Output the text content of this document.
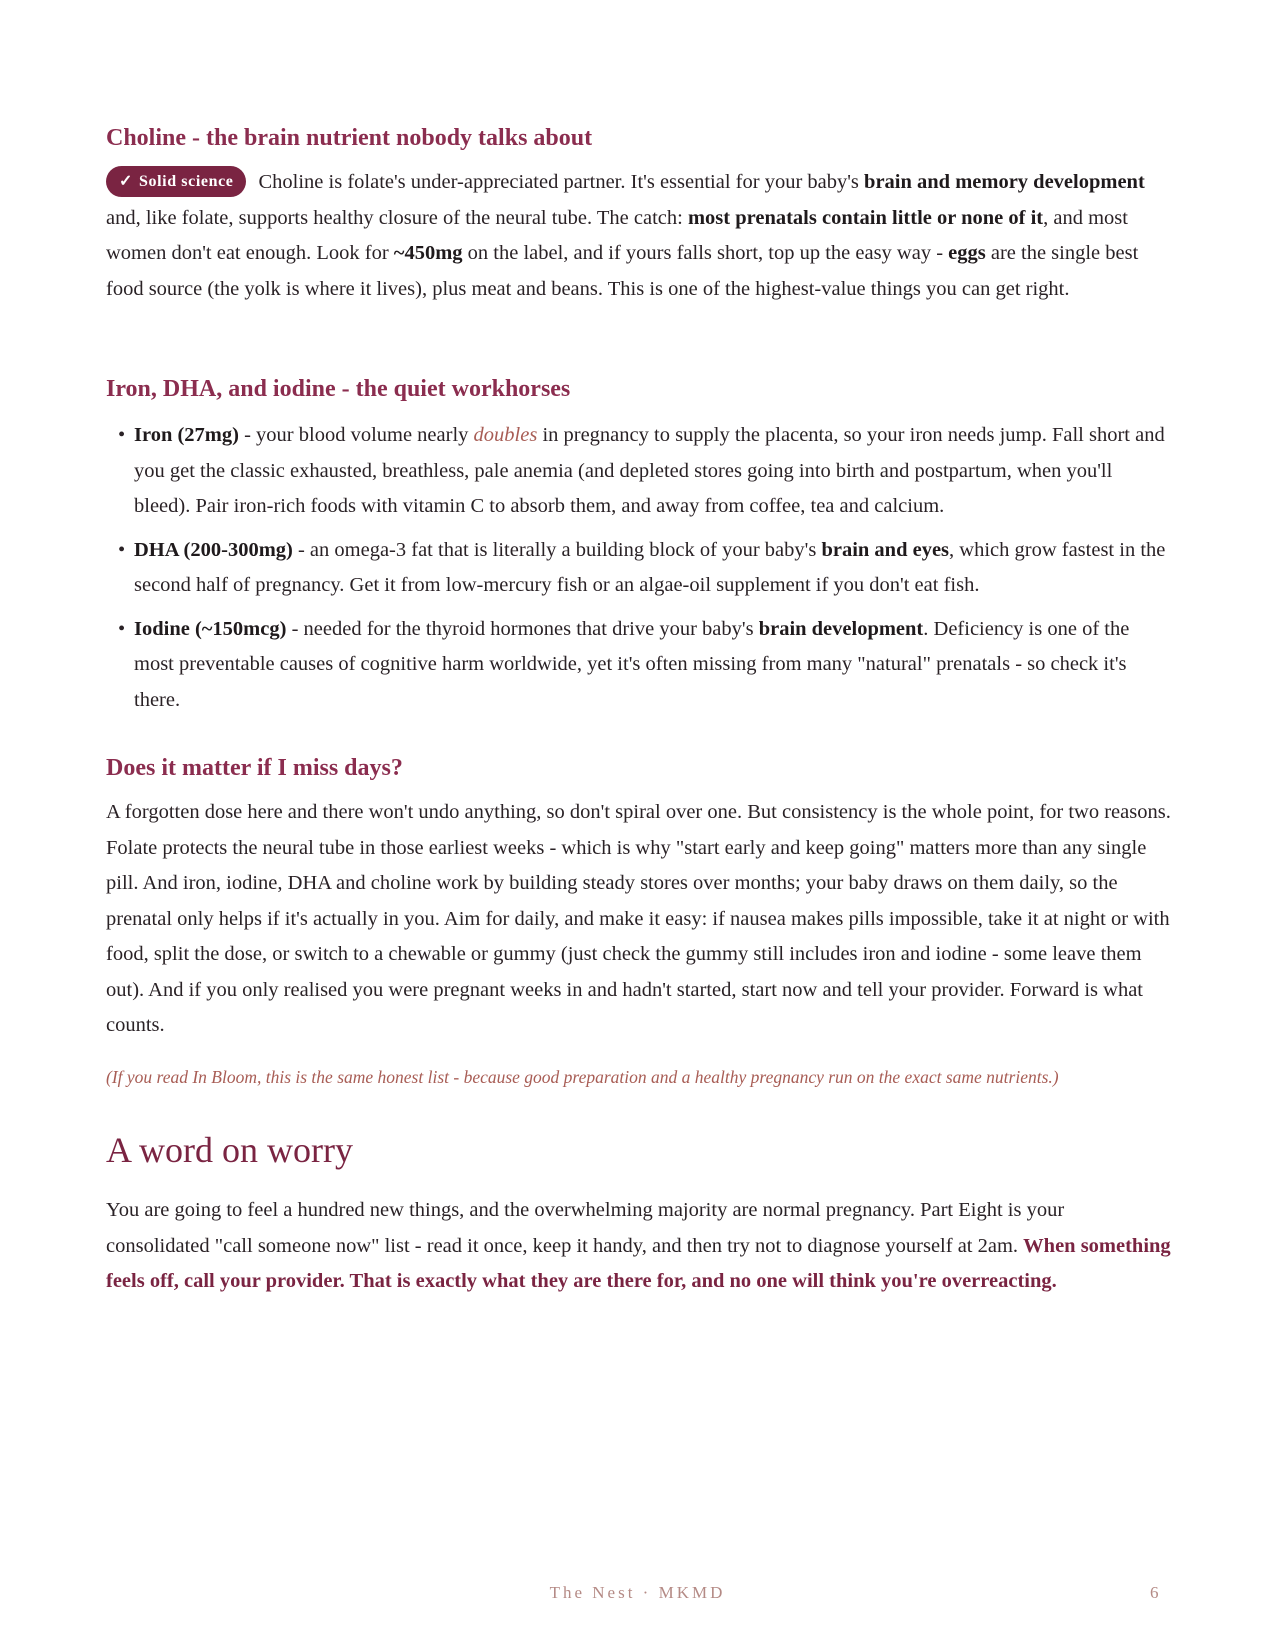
Choline - the brain nutrient nobody talks about

✓ Solid science Choline is folate's under-appreciated partner. It's essential for your baby's brain and memory development and, like folate, supports healthy closure of the neural tube. The catch: most prenatals contain little or none of it, and most women don't eat enough. Look for ~450mg on the label, and if yours falls short, top up the easy way - eggs are the single best food source (the yolk is where it lives), plus meat and beans. This is one of the highest-value things you can get right.

Iron, DHA, and iodine - the quiet workhorses
• Iron (27mg) - your blood volume nearly doubles in pregnancy to supply the placenta, so your iron needs jump. Fall short and you get the classic exhausted, breathless, pale anemia (and depleted stores going into birth and postpartum, when you'll bleed). Pair iron-rich foods with vitamin C to absorb them, and away from coffee, tea and calcium.
• DHA (200-300mg) - an omega-3 fat that is literally a building block of your baby's brain and eyes, which grow fastest in the second half of pregnancy. Get it from low-mercury fish or an algae-oil supplement if you don't eat fish.
• Iodine (~150mcg) - needed for the thyroid hormones that drive your baby's brain development. Deficiency is one of the most preventable causes of cognitive harm worldwide, yet it's often missing from many "natural" prenatals - so check it's there.
Does it matter if I miss days?

A forgotten dose here and there won't undo anything, so don't spiral over one. But consistency is the whole point, for two reasons. Folate protects the neural tube in those earliest weeks - which is why "start early and keep going" matters more than any single pill. And iron, iodine, DHA and choline work by building steady stores over months; your baby draws on them daily, so the prenatal only helps if it's actually in you. Aim for daily, and make it easy: if nausea makes pills impossible, take it at night or with food, split the dose, or switch to a chewable or gummy (just check the gummy still includes iron and iodine - some leave them out). And if you only realised you were pregnant weeks in and hadn't started, start now and tell your provider. Forward is what counts.

(If you read In Bloom, this is the same honest list - because good preparation and a healthy pregnancy run on the exact same nutrients.)

A word on worry

You are going to feel a hundred new things, and the overwhelming majority are normal pregnancy. Part Eight is your consolidated "call someone now" list - read it once, keep it handy, and then try not to diagnose yourself at 2am. When something feels off, call your provider. That is exactly what they are there for, and no one will think you're overreacting.

The Nest · MKMD	6
